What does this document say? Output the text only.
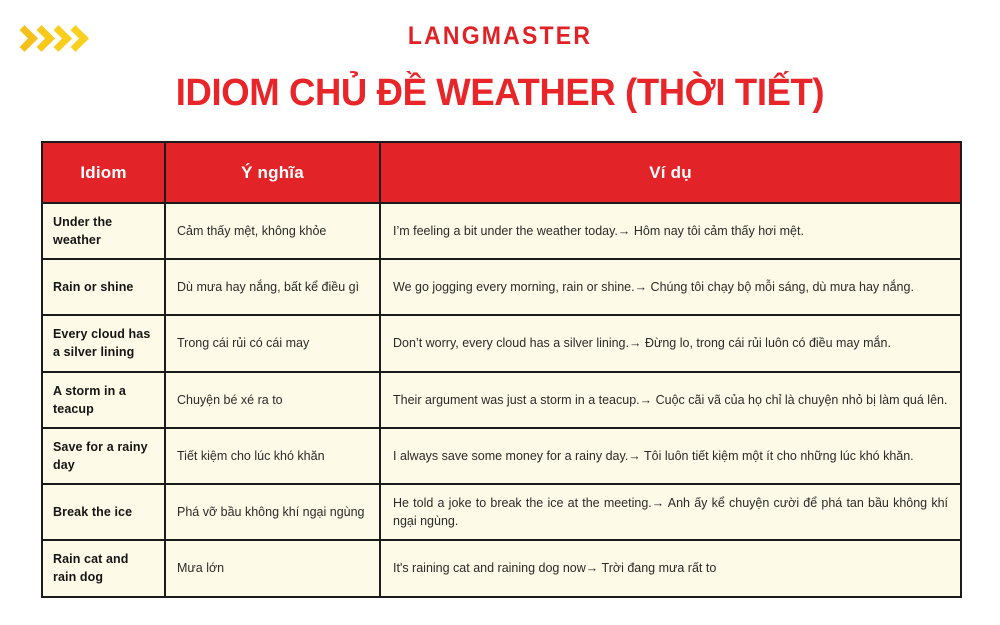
LANGMASTER
IDIOM CHỦ ĐỀ WEATHER (THỜI TIẾT)
Idiom	Ý nghĩa	Ví dụ
Under the weather	Cảm thấy mệt, không khỏe	I’m feeling a bit under the weather today.→ Hôm nay tôi cảm thấy hơi mệt.
Rain or shine	Dù mưa hay nắng, bất kể điều gì	We go jogging every morning, rain or shine.→ Chúng tôi chạy bộ mỗi sáng, dù mưa hay nắng.
Every cloud has a silver lining	Trong cái rủi có cái may	Don’t worry, every cloud has a silver lining.→ Đừng lo, trong cái rủi luôn có điều may mắn.
A storm in a teacup	Chuyện bé xé ra to	Their argument was just a storm in a teacup.→ Cuộc cãi vã của họ chỉ là chuyện nhỏ bị làm quá lên.
Save for a rainy day	Tiết kiệm cho lúc khó khăn	I always save some money for a rainy day.→ Tôi luôn tiết kiệm một ít cho những lúc khó khăn.
Break the ice	Phá vỡ bầu không khí ngại ngùng	He told a joke to break the ice at the meeting.→ Anh ấy kể chuyện cười để phá tan bầu không khí ngại ngùng.
Rain cat and rain dog	Mưa lớn	It's raining cat and raining dog now→ Trời đang mưa rất to
